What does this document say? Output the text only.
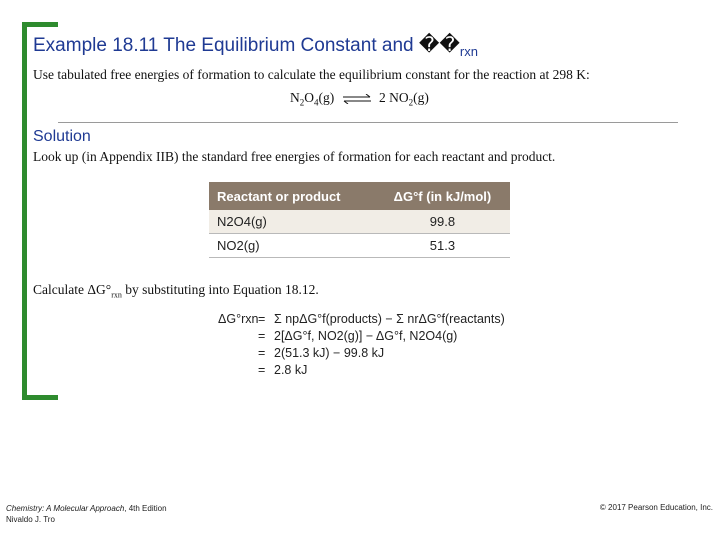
Example 18.11 The Equilibrium Constant and $��_{rxn}$
Use tabulated free energies of formation to calculate the equilibrium constant for the reaction at 298 K:
$N_2O_4(g)$ ⇌ 2 $NO_2(g)$
Solution
Look up (in Appendix IIB) the standard free energies of formation for each reactant and product.
Reactant or product	ΔG°f (in kJ/mol)
N2O4(g)	99.8
NO2(g)	51.3
Calculate $\Delta G^\circ_{rxn}$ by substituting into Equation 18.12.
ΔG°rxn = Σ npΔG°f(products) − Σ nrΔG°f(reactants)
= 2[ΔG°f, NO2(g)] − ΔG°f, N2O4(g)
= 2(51.3 kJ) − 99.8 kJ
= 2.8 kJ
Chemistry: A Molecular Approach, 4th Edition
Nivaldo J. Tro
© 2017 Pearson Education, Inc.
